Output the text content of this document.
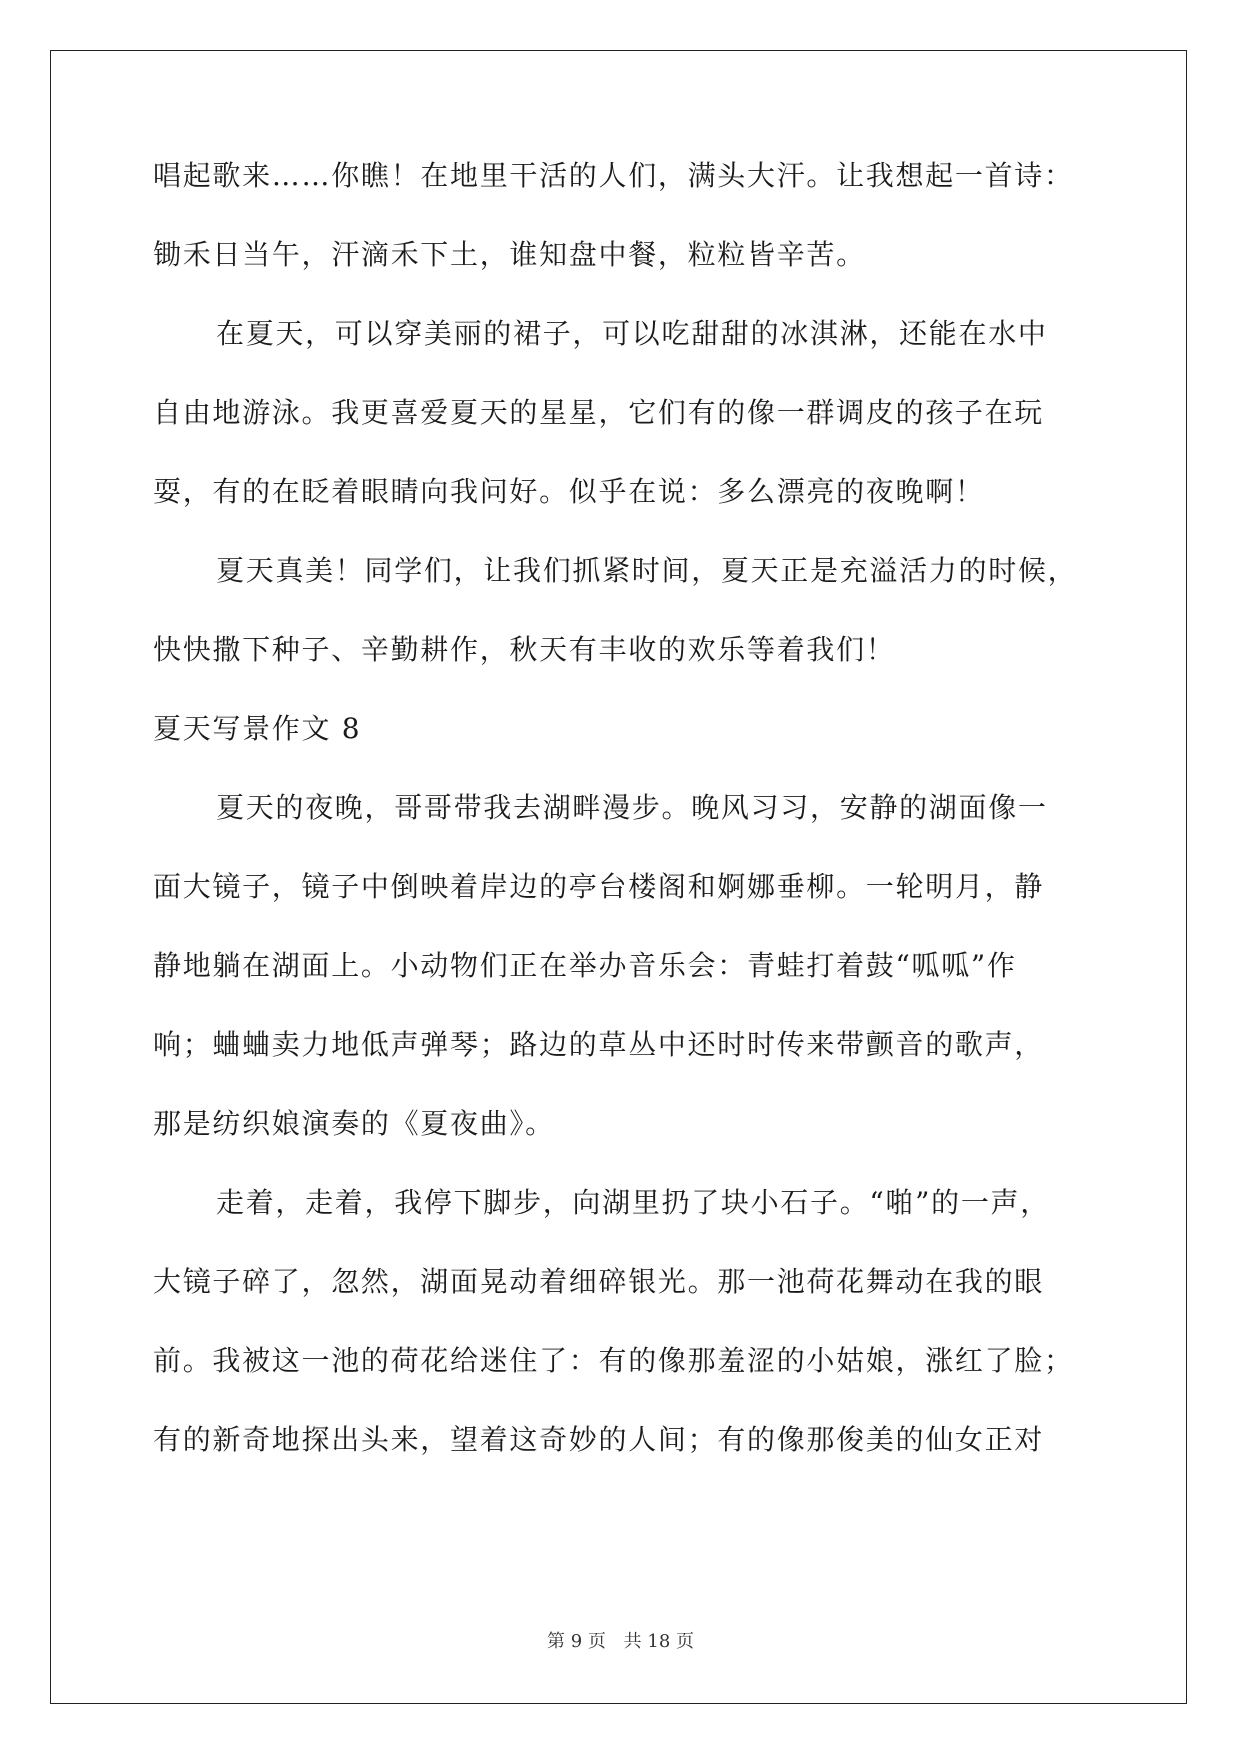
唱起歌来……你瞧！在地里干活的人们，满头大汗。让我想起一首诗：
锄禾日当午，汗滴禾下土，谁知盘中餐，粒粒皆辛苦。
在夏天，可以穿美丽的裙子，可以吃甜甜的冰淇淋，还能在水中
自由地游泳。我更喜爱夏天的星星，它们有的像一群调皮的孩子在玩
耍，有的在眨着眼睛向我问好。似乎在说：多么漂亮的夜晚啊！
夏天真美！同学们，让我们抓紧时间，夏天正是充溢活力的时候，
快快撒下种子、辛勤耕作，秋天有丰收的欢乐等着我们！
夏天写景作文 8
夏天的夜晚，哥哥带我去湖畔漫步。晚风习习，安静的湖面像一
面大镜子，镜子中倒映着岸边的亭台楼阁和婀娜垂柳。一轮明月，静
静地躺在湖面上。小动物们正在举办音乐会：青蛙打着鼓“呱呱”作
响；蛐蛐卖力地低声弹琴；路边的草丛中还时时传来带颤音的歌声，
那是纺织娘演奏的《夏夜曲》。
走着，走着，我停下脚步，向湖里扔了块小石子。“啪”的一声，
大镜子碎了，忽然，湖面晃动着细碎银光。那一池荷花舞动在我的眼
前。我被这一池的荷花给迷住了：有的像那羞涩的小姑娘，涨红了脸；
有的新奇地探出头来，望着这奇妙的人间；有的像那俊美的仙女正对
第 9 页 共 18 页
